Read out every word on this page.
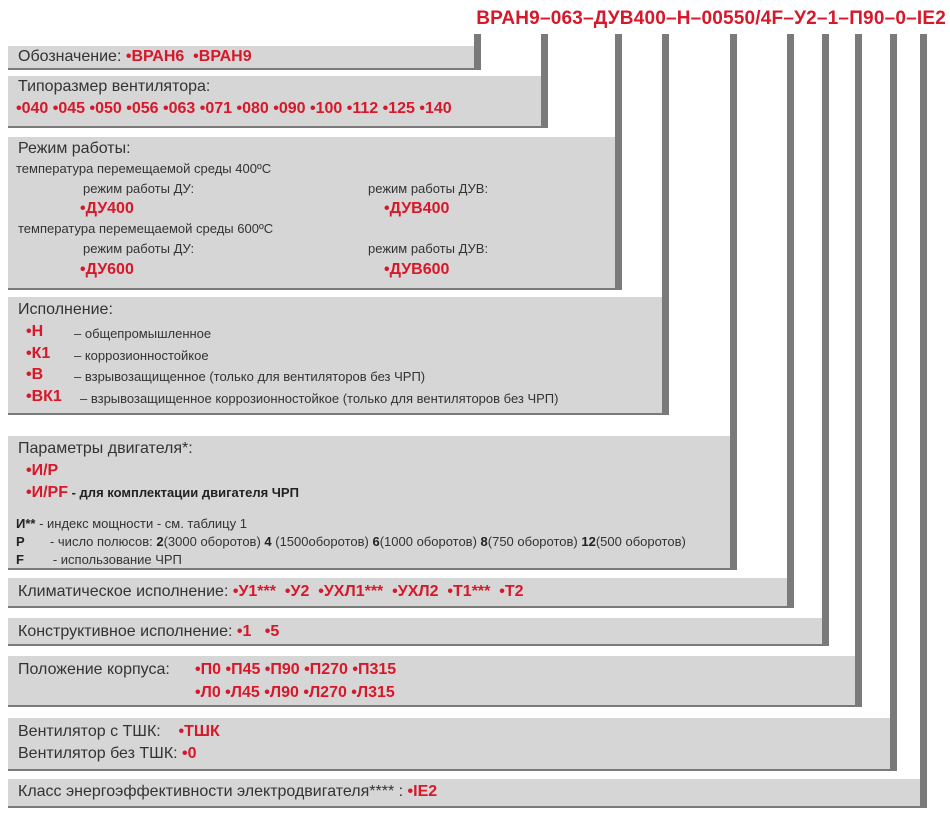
ВРАН9–063–ДУВ400–Н–00550/4F–У2–1–П90–0–IE2
Обозначение: •ВРАН6 •ВРАН9
Типоразмер вентилятора:
•040 •045 •050 •056 •063 •071 •080 •090 •100 •112 •125 •140
Режим работы:
температура перемещаемой среды 400ºС
режим работы ДУ:	режим работы ДУВ:
•ДУ400	•ДУВ400
температура перемещаемой среды 600ºС
режим работы ДУ:	режим работы ДУВ:
•ДУ600	•ДУВ600
Исполнение:
•Н – общепромышленное
•К1 – коррозионностойкое
•В – взрывозащищенное (только для вентиляторов без ЧРП)
•ВК1 – взрывозащищенное коррозионностойкое (только для вентиляторов без ЧРП)
Параметры двигателя*:
•И/Р
•И/PF - для комплектации двигателя ЧРП
И** - индекс мощности - см. таблицу 1
Р - число полюсов: 2(3000 оборотов) 4 (1500оборотов) 6(1000 оборотов) 8(750 оборотов) 12(500 оборотов)
F - использование ЧРП
Климатическое исполнение: •У1***  •У2  •УХЛ1***  •УХЛ2  •Т1***  •Т2
Конструктивное исполнение: •1   •5
Положение корпуса: •П0 •П45 •П90 •П270 •П315
•Л0 •Л45 •Л90 •Л270 •Л315
Вентилятор с ТШК:    •ТШК
Вентилятор без ТШК: •0
Класс энергоэффективности электродвигателя**** : •IE2
